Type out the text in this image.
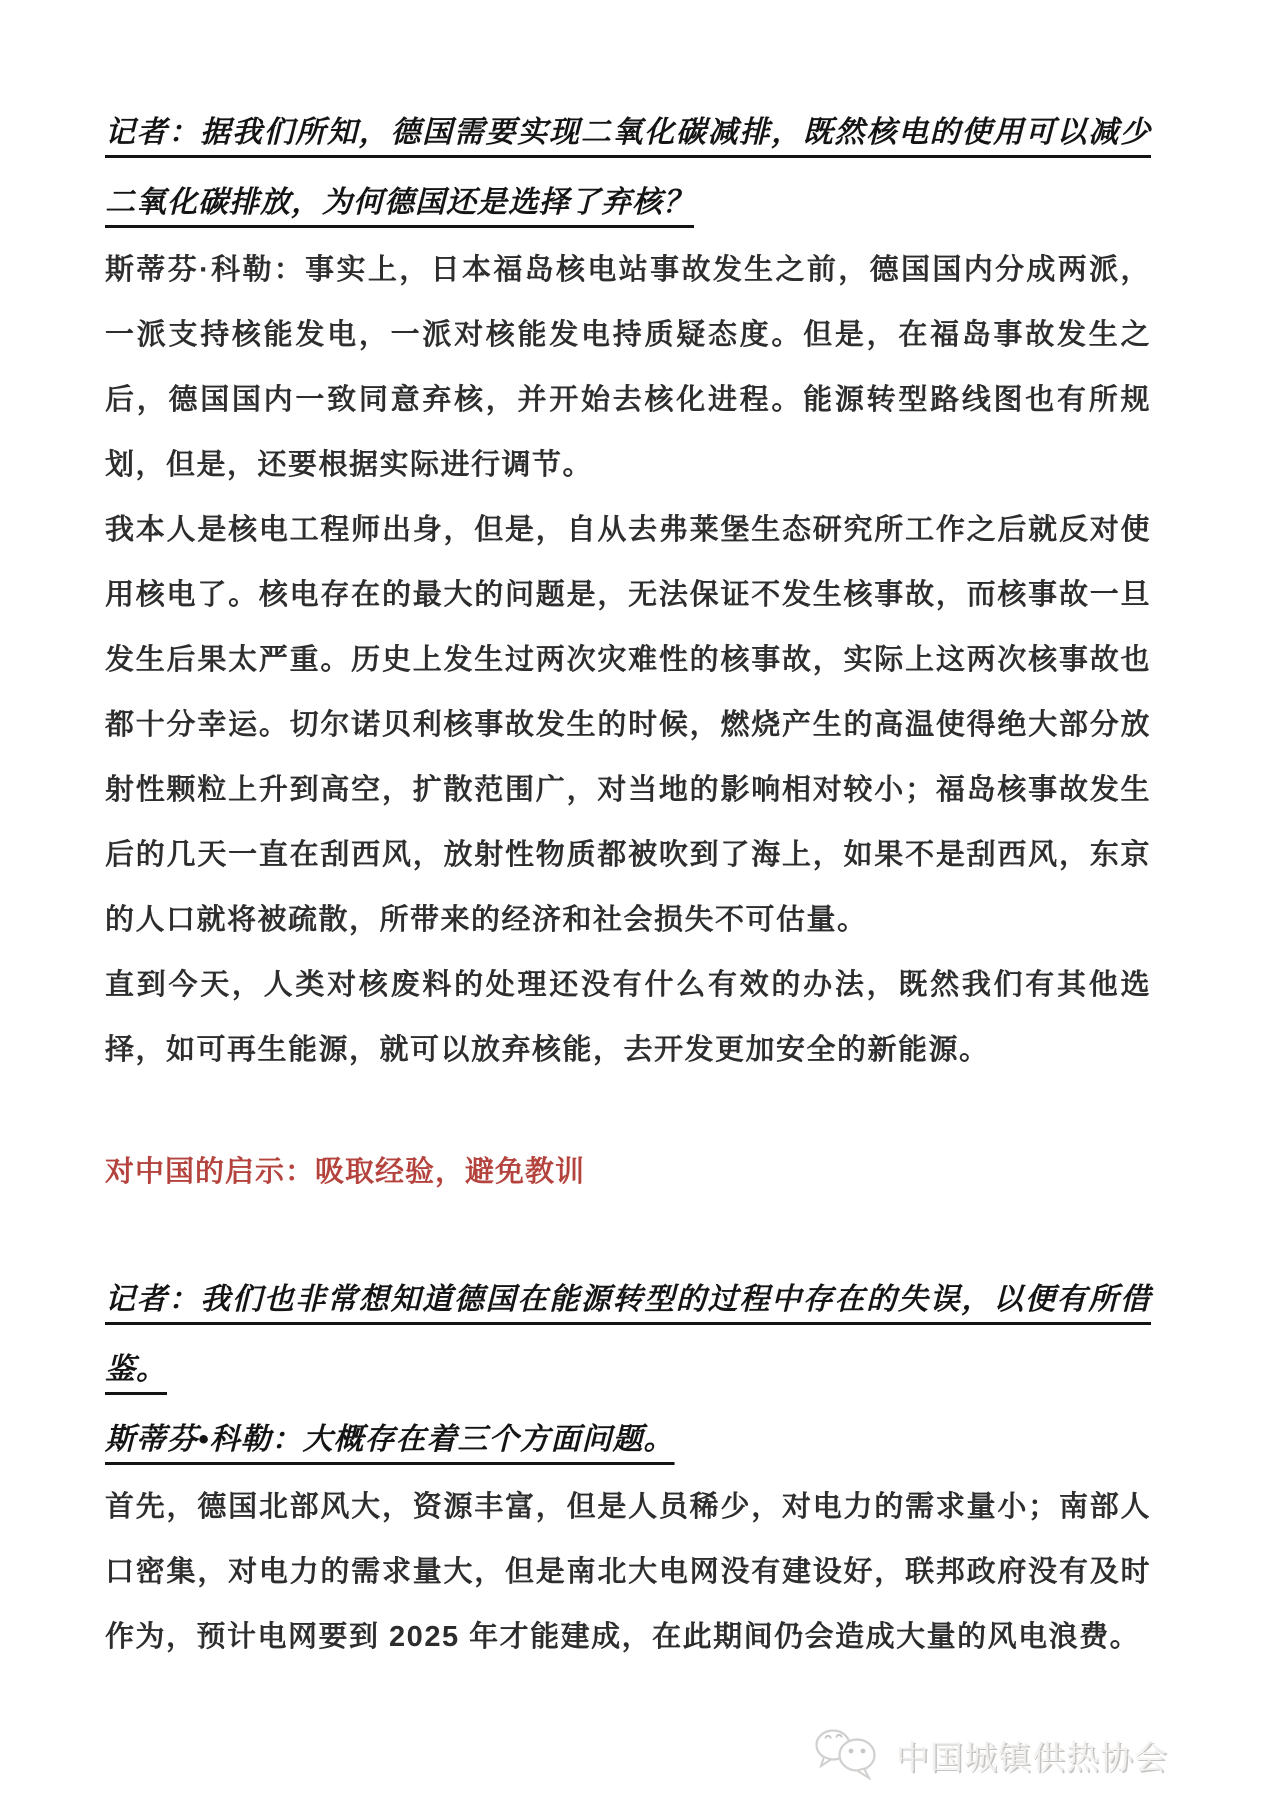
记者：据我们所知，德国需要实现二氧化碳减排，既然核电的使用可以减少二氧化碳排放，为何德国还是选择了弃核？

斯蒂芬·科勒：事实上，日本福岛核电站事故发生之前，德国国内分成两派，一派支持核能发电，一派对核能发电持质疑态度。但是，在福岛事故发生之后，德国国内一致同意弃核，并开始去核化进程。能源转型路线图也有所规划，但是，还要根据实际进行调节。

我本人是核电工程师出身，但是，自从去弗莱堡生态研究所工作之后就反对使用核电了。核电存在的最大的问题是，无法保证不发生核事故，而核事故一旦发生后果太严重。历史上发生过两次灾难性的核事故，实际上这两次核事故也都十分幸运。切尔诺贝利核事故发生的时候，燃烧产生的高温使得绝大部分放射性颗粒上升到高空，扩散范围广，对当地的影响相对较小；福岛核事故发生后的几天一直在刮西风，放射性物质都被吹到了海上，如果不是刮西风，东京的人口就将被疏散，所带来的经济和社会损失不可估量。

直到今天，人类对核废料的处理还没有什么有效的办法，既然我们有其他选择，如可再生能源，就可以放弃核能，去开发更加安全的新能源。

对中国的启示：吸取经验，避免教训

记者：我们也非常想知道德国在能源转型的过程中存在的失误，以便有所借鉴。
斯蒂芬•科勒：大概存在着三个方面问题。

首先，德国北部风大，资源丰富，但是人员稀少，对电力的需求量小；南部人口密集，对电力的需求量大，但是南北大电网没有建设好，联邦政府没有及时作为，预计电网要到 2025 年才能建成，在此期间仍会造成大量的风电浪费。

中国城镇供热协会
